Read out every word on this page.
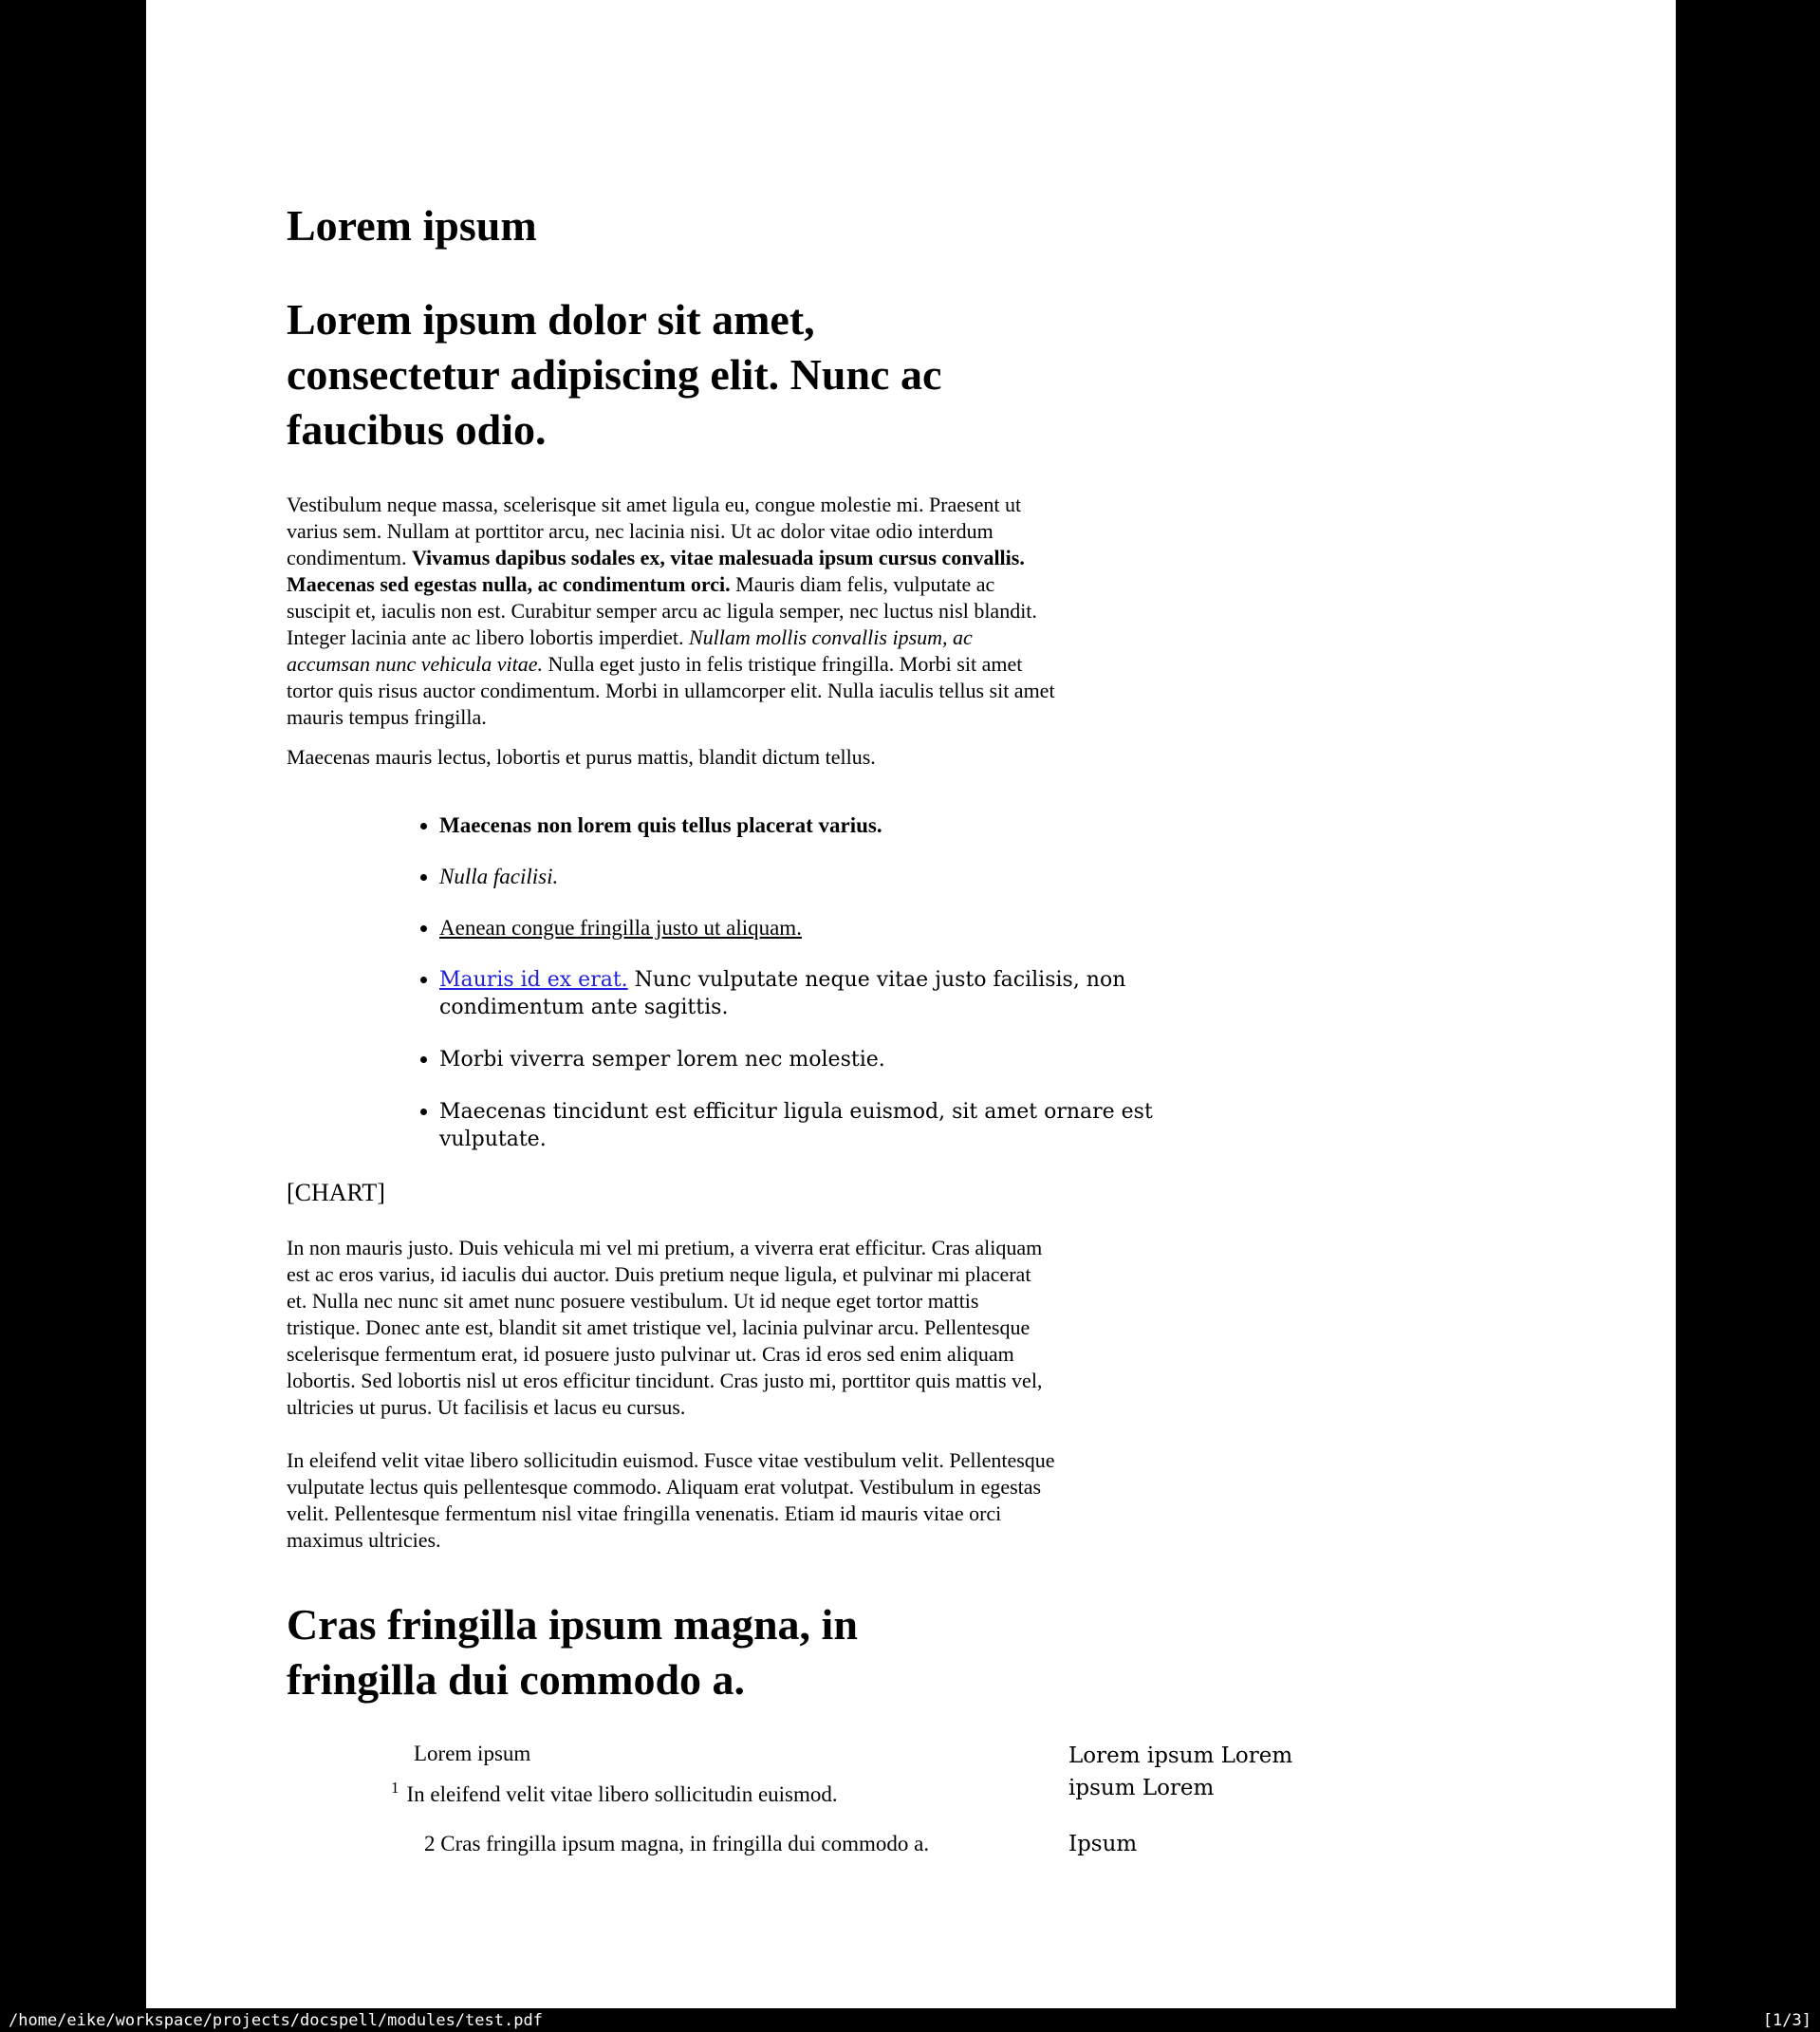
Lorem ipsum
Lorem ipsum dolor sit amet,
consectetur adipiscing elit. Nunc ac
faucibus odio.

Vestibulum neque massa, scelerisque sit amet ligula eu, congue molestie mi. Praesent ut varius sem. Nullam at porttitor arcu, nec lacinia nisi. Ut ac dolor vitae odio interdum condimentum. Vivamus dapibus sodales ex, vitae malesuada ipsum cursus convallis. Maecenas sed egestas nulla, ac condimentum orci. Mauris diam felis, vulputate ac suscipit et, iaculis non est. Curabitur semper arcu ac ligula semper, nec luctus nisl blandit. Integer lacinia ante ac libero lobortis imperdiet. Nullam mollis convallis ipsum, ac accumsan nunc vehicula vitae. Nulla eget justo in felis tristique fringilla. Morbi sit amet tortor quis risus auctor condimentum. Morbi in ullamcorper elit. Nulla iaculis tellus sit amet mauris tempus fringilla.

Maecenas mauris lectus, lobortis et purus mattis, blandit dictum tellus.

• Maecenas non lorem quis tellus placerat varius.
• Nulla facilisi.
• Aenean congue fringilla justo ut aliquam.
• Mauris id ex erat. Nunc vulputate neque vitae justo facilisis, non condimentum ante sagittis.
• Morbi viverra semper lorem nec molestie.
• Maecenas tincidunt est efficitur ligula euismod, sit amet ornare est vulputate.
[CHART]

In non mauris justo. Duis vehicula mi vel mi pretium, a viverra erat efficitur. Cras aliquam est ac eros varius, id iaculis dui auctor. Duis pretium neque ligula, et pulvinar mi placerat et. Nulla nec nunc sit amet nunc posuere vestibulum. Ut id neque eget tortor mattis tristique. Donec ante est, blandit sit amet tristique vel, lacinia pulvinar arcu. Pellentesque scelerisque fermentum erat, id posuere justo pulvinar ut. Cras id eros sed enim aliquam lobortis. Sed lobortis nisl ut eros efficitur tincidunt. Cras justo mi, porttitor quis mattis vel, ultricies ut purus. Ut facilisis et lacus eu cursus.

In eleifend velit vitae libero sollicitudin euismod. Fusce vitae vestibulum velit. Pellentesque vulputate lectus quis pellentesque commodo. Aliquam erat volutpat. Vestibulum in egestas velit. Pellentesque fermentum nisl vitae fringilla venenatis. Etiam id mauris vitae orci maximus ultricies.

Cras fringilla ipsum magna, in
fringilla dui commodo a.
Lorem ipsum	Lorem ipsum Lorem ipsum Lorem
$^1$ In eleifend velit vitae libero sollicitudin euismod.
2 Cras fringilla ipsum magna, in fringilla dui commodo a.	Ipsum
/home/eike/workspace/projects/docspell/modules/test.pdf	[1/3]
